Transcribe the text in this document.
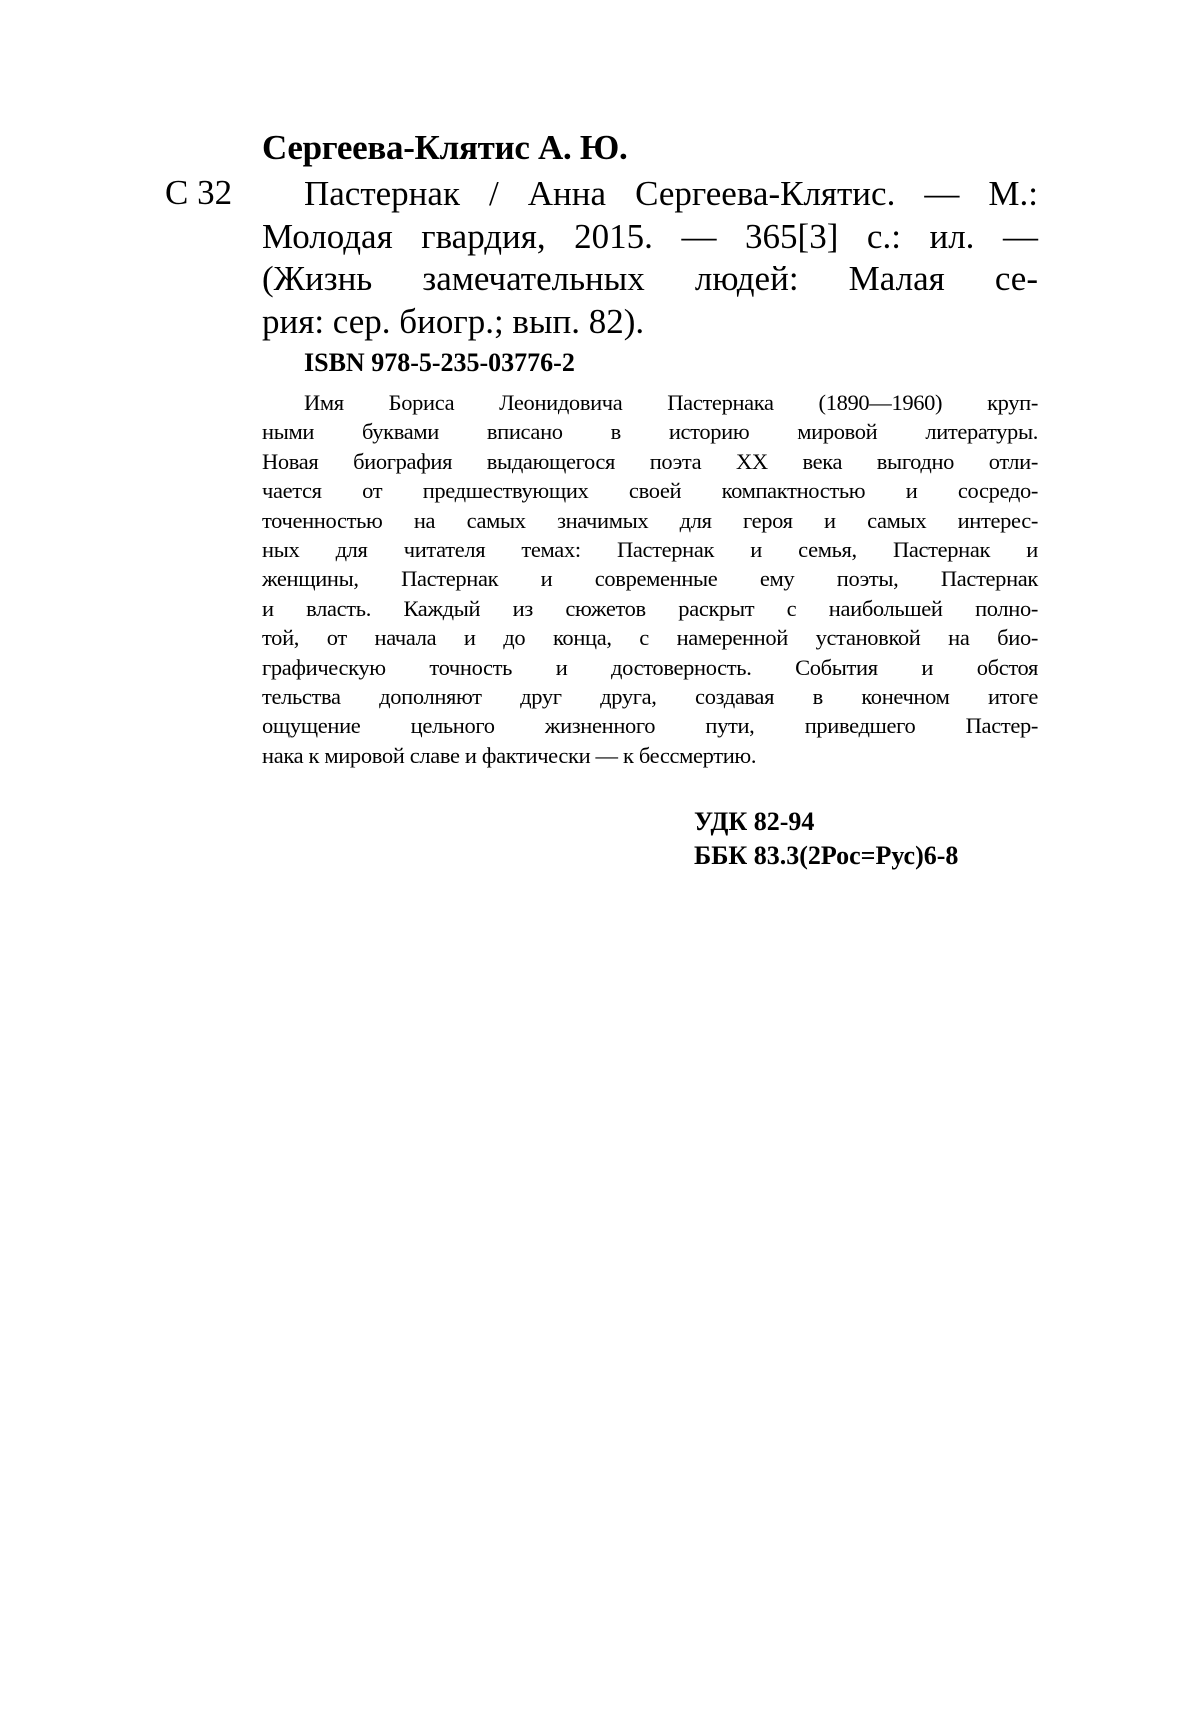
Сергеева-Клятис А. Ю.
С 32	Пастернак / Анна Сергеева-Клятис. — М.:
Молодая гвардия, 2015. — 365[3] с.: ил. —
(Жизнь замечательных людей: Малая се-
рия: сер. биогр.; вып. 82).
ISBN 978-5-235-03776-2
Имя Бориса Леонидовича Пастернака (1890—1960) круп-
ными буквами вписано в историю мировой литературы.
Новая биография выдающегося поэта XX века выгодно отли-
чается от предшествующих своей компактностью и сосредо-
точенностью на самых значимых для героя и самых интерес-
ных для читателя темах: Пастернак и семья, Пастернак и
женщины, Пастернак и современные ему поэты, Пастернак
и власть. Каждый из сюжетов раскрыт с наибольшей полно-
той, от начала и до конца, с намеренной установкой на био-
графическую точность и достоверность. События и обстоя
тельства дополняют друг друга, создавая в конечном итоге
ощущение цельного жизненного пути, приведшего Пастер-
нака к мировой славе и фактически — к бессмертию.
УДК 82-94
ББК 83.3(2Рос=Рус)6-8
